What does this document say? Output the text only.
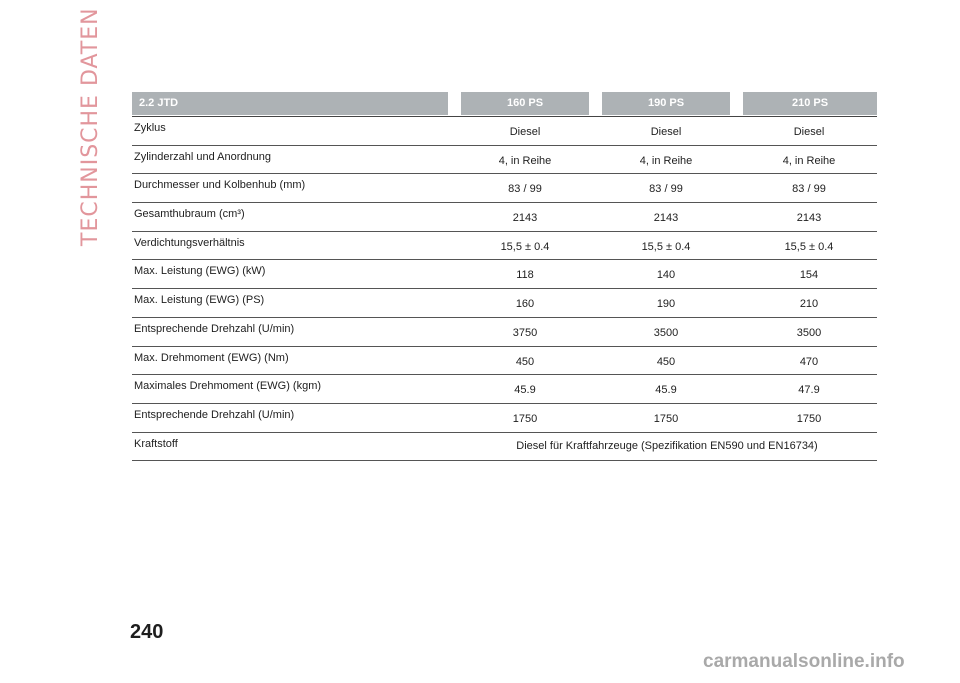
TECHNISCHE DATEN	2.2 JTD	160 PS	190 PS	210 PS
Zyklus	Diesel	Diesel	Diesel
Zylinderzahl und Anordnung	4, in Reihe	4, in Reihe	4, in Reihe
Durchmesser und Kolbenhub (mm)	83 / 99	83 / 99	83 / 99
Gesamthubraum (cm³)	2143	2143	2143
Verdichtungsverhältnis	15,5 ± 0.4	15,5 ± 0.4	15,5 ± 0.4
Max. Leistung (EWG) (kW)	118	140	154
Max. Leistung (EWG) (PS)	160	190	210
Entsprechende Drehzahl (U/min)	3750	3500	3500
Max. Drehmoment (EWG) (Nm)	450	450	470
Maximales Drehmoment (EWG) (kgm)	45.9	45.9	47.9
Entsprechende Drehzahl (U/min)	1750	1750	1750
Kraftstoff	Diesel für Kraftfahrzeuge (Spezifikation EN590 und EN16734)
240
carmanualsonline.info
